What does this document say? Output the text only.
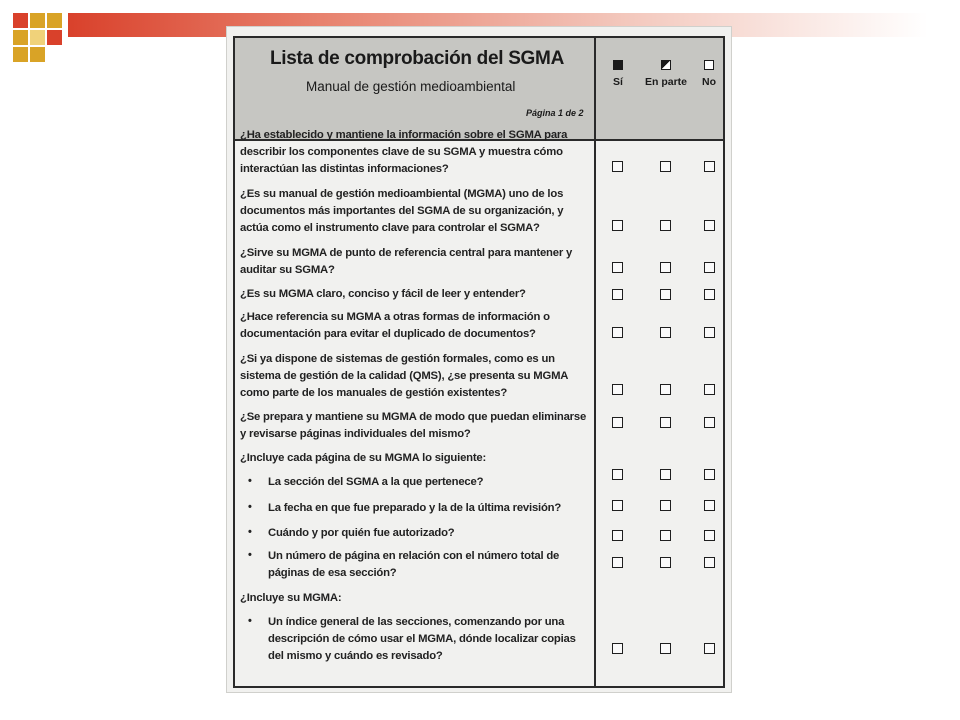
Lista de comprobación del SGMA
Manual de gestión medioambiental
Página 1 de 2
Sí	En parte	No
¿Ha establecido y mantiene la información sobre el SGMA para describir los componentes clave de su SGMA y muestra cómo interactúan las distintas informaciones?
¿Es su manual de gestión medioambiental (MGMA) uno de los documentos más importantes del SGMA de su organización, y actúa como el instrumento clave para controlar el SGMA?
¿Sirve su MGMA de punto de referencia central para mantener y auditar su SGMA?
¿Es su MGMA claro, conciso y fácil de leer y entender?
¿Hace referencia su MGMA a otras formas de información o documentación para evitar el duplicado de documentos?
¿Si ya dispone de sistemas de gestión formales, como es un sistema de gestión de la calidad (QMS), ¿se presenta su MGMA como parte de los manuales de gestión existentes?
¿Se prepara y mantiene su MGMA de modo que puedan eliminarse y revisarse páginas individuales del mismo?
¿Incluye cada página de su MGMA lo siguiente:
• La sección del SGMA a la que pertenece?
• La fecha en que fue preparado y la de la última revisión?
• Cuándo y por quién fue autorizado?
• Un número de página en relación con el número total de páginas de esa sección?
¿Incluye su MGMA:
• Un índice general de las secciones, comenzando por una descripción de cómo usar el MGMA, dónde localizar copias del mismo y cuándo es revisado?
